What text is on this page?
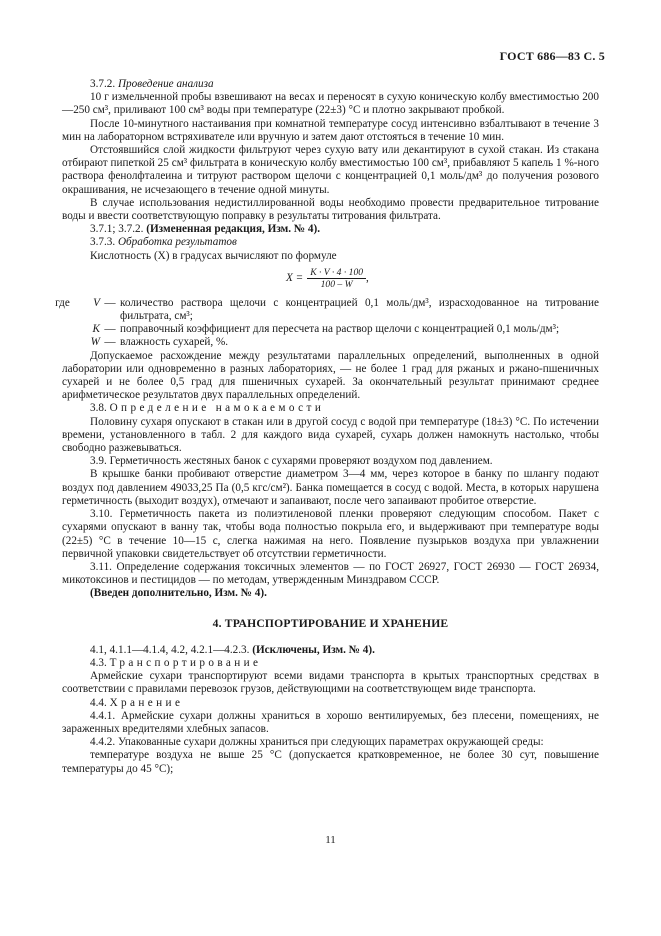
ГОСТ 686—83 С. 5

3.7.2. Проведение анализа

10 г измельченной пробы взвешивают на весах и переносят в сухую коническую колбу вместимостью 200—250 см³, приливают 100 см³ воды при температуре (22±3) °С и плотно закрывают пробкой.

После 10-минутного настаивания при комнатной температуре сосуд интенсивно взбалтывают в течение 3 мин на лабораторном встряхивателе или вручную и затем дают отстояться в течение 10 мин.

Отстоявшийся слой жидкости фильтруют через сухую вату или декантируют в сухой стакан. Из стакана отбирают пипеткой 25 см³ фильтрата в коническую колбу вместимостью 100 см³, прибавляют 5 капель 1 %-ного раствора фенолфталеина и титруют раствором щелочи с концентрацией 0,1 моль/дм³ до получения розового окрашивания, не исчезающего в течение одной минуты.

В случае использования недистиллированной воды необходимо провести предварительное титрование воды и ввести соответствующую поправку в результаты титрования фильтрата.

3.7.1; 3.7.2. (Измененная редакция, Изм. № 4).

3.7.3. Обработка результатов

Кислотность (X) в градусах вычисляют по формуле

$X = \frac{K \cdot V \cdot 4 \cdot 100}{100 - W}$ ,
где V — количество раствора щелочи с концентрацией 0,1 моль/дм³, израсходованное на титрование фильтрата, см³;
K — поправочный коэффициент для пересчета на раствор щелочи с концентрацией 0,1 моль/дм³;
W — влажность сухарей, %.

Допускаемое расхождение между результатами параллельных определений, выполненных в одной лаборатории или одновременно в разных лабораториях, — не более 1 град для ржаных и ржано-пшеничных сухарей и не более 0,5 град для пшеничных сухарей. За окончательный результат принимают среднее арифметическое результатов двух параллельных определений.

3.8. Определение намокаемости

Половину сухаря опускают в стакан или в другой сосуд с водой при температуре (18±3) °С. По истечении времени, установленного в табл. 2 для каждого вида сухарей, сухарь должен намокнуть настолько, чтобы свободно разжевываться.

3.9. Герметичность жестяных банок с сухарями проверяют воздухом под давлением.

В крышке банки пробивают отверстие диаметром 3—4 мм, через которое в банку по шлангу подают воздух под давлением 49033,25 Па (0,5 кгс/см²). Банка помещается в сосуд с водой. Места, в которых нарушена герметичность (выходит воздух), отмечают и запаивают, после чего запаивают пробитое отверстие.

3.10. Герметичность пакета из полиэтиленовой пленки проверяют следующим способом. Пакет с сухарями опускают в ванну так, чтобы вода полностью покрыла его, и выдерживают при температуре воды (22±5) °С в течение 10—15 с, слегка нажимая на него. Появление пузырьков воздуха при увлажнении первичной упаковки свидетельствует об отсутствии герметичности.

3.11. Определение содержания токсичных элементов — по ГОСТ 26927, ГОСТ 26930 — ГОСТ 26934, микотоксинов и пестицидов — по методам, утвержденным Минздравом СССР.

(Введен дополнительно, Изм. № 4).

4. ТРАНСПОРТИРОВАНИЕ И ХРАНЕНИЕ

4.1, 4.1.1—4.1.4, 4.2, 4.2.1—4.2.3. (Исключены, Изм. № 4).

4.3. Транспортирование

Армейские сухари транспортируют всеми видами транспорта в крытых транспортных средствах в соответствии с правилами перевозок грузов, действующими на соответствующем виде транспорта.

4.4. Хранение

4.4.1. Армейские сухари должны храниться в хорошо вентилируемых, без плесени, помещениях, не зараженных вредителями хлебных запасов.

4.4.2. Упакованные сухари должны храниться при следующих параметрах окружающей среды:

температуре воздуха не выше 25 °С (допускается кратковременное, не более 30 сут, повышение температуры до 45 °С);

11
